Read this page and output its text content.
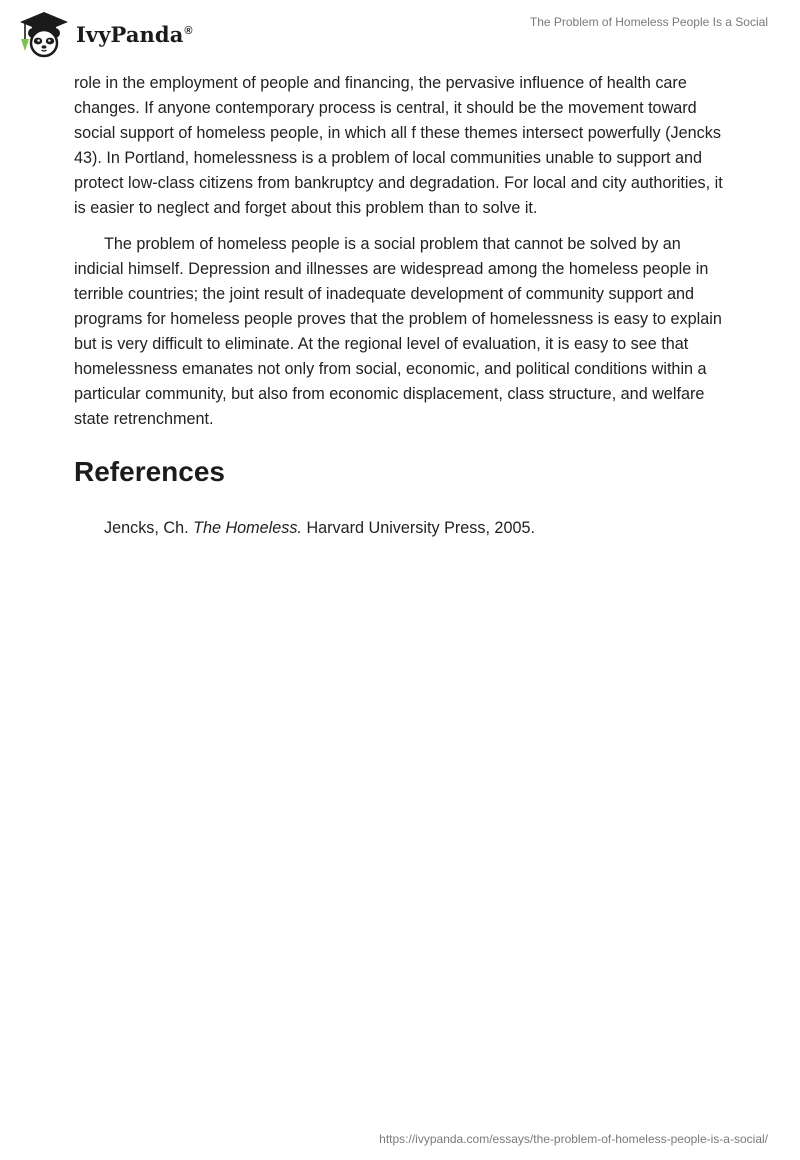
IvyPanda®
The Problem of Homeless People Is a Social

role in the employment of people and financing, the pervasive influence of health care changes. If anyone contemporary process is central, it should be the movement toward social support of homeless people, in which all f these themes intersect powerfully (Jencks 43). In Portland, homelessness is a problem of local communities unable to support and protect low-class citizens from bankruptcy and degradation. For local and city authorities, it is easier to neglect and forget about this problem than to solve it.

The problem of homeless people is a social problem that cannot be solved by an indicial himself. Depression and illnesses are widespread among the homeless people in terrible countries; the joint result of inadequate development of community support and programs for homeless people proves that the problem of homelessness is easy to explain but is very difficult to eliminate. At the regional level of evaluation, it is easy to see that homelessness emanates not only from social, economic, and political conditions within a particular community, but also from economic displacement, class structure, and welfare state retrenchment.

References
Jencks, Ch. The Homeless. Harvard University Press, 2005.
https://ivypanda.com/essays/the-problem-of-homeless-people-is-a-social/
